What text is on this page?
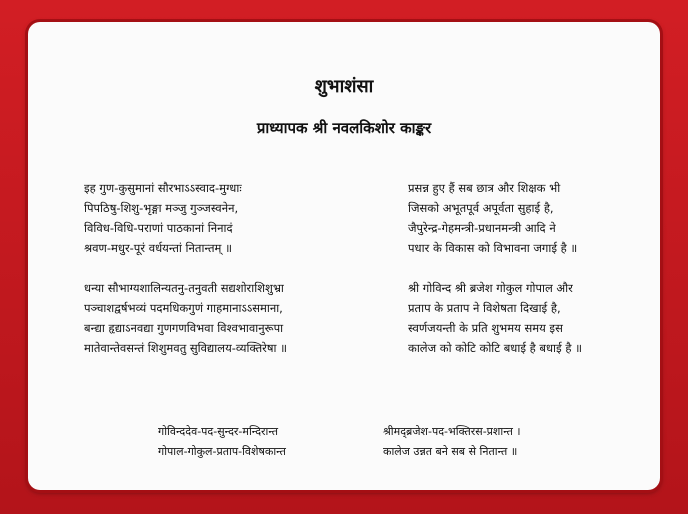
शुभाशंसा
प्राध्यापक श्री नवलकिशोर काङ्कर

इह गुण-कुसुमानां सौरभाऽऽस्वाद-मुग्धाः

पिपठिषु-शिशु-भृङ्गा मञ्जु गुञ्जस्वनेन,

विविध-विधि-पराणां पाठकानां निनादं

श्रवण-मधुर-पूरं वर्धयन्तां नितान्तम् ॥

धन्या सौभाग्यशालिन्यतनु-तनुवती सद्यशोराशिशुभ्रा

पञ्चाशद्वर्षभव्यं पदमधिकगुणं गाहमानाऽऽसमाना,

बन्द्या हृद्याऽनवद्या गुणगणविभवा विश्वभावानुरूपा

मातेवान्तेवसन्तं शिशुमवतु सुविद्यालय-व्यक्तिरेषा ॥

प्रसन्न हुए हैं सब छात्र और शिक्षक भी

जिसको अभूतपूर्व अपूर्वता सुहाई है,

जैपुरेन्द्र-गेहमन्त्री-प्रधानमन्त्री आदि ने

पधार के विकास को विभावना जगाई है ॥

श्री गोविन्द श्री ब्रजेश गोकुल गोपाल और

प्रताप के प्रताप ने विशेषता दिखाई है,

स्वर्णजयन्ती के प्रति शुभमय समय इस

कालेज को कोटि कोटि बधाई है बधाई है ॥

गोविन्ददेव-पद-सुन्दर-मन्दिरान्त

गोपाल-गोकुल-प्रताप-विशेषकान्त

श्रीमद्ब्रजेश-पद-भक्तिरस-प्रशान्त ।

कालेज उन्नत बने सब से नितान्त ॥
